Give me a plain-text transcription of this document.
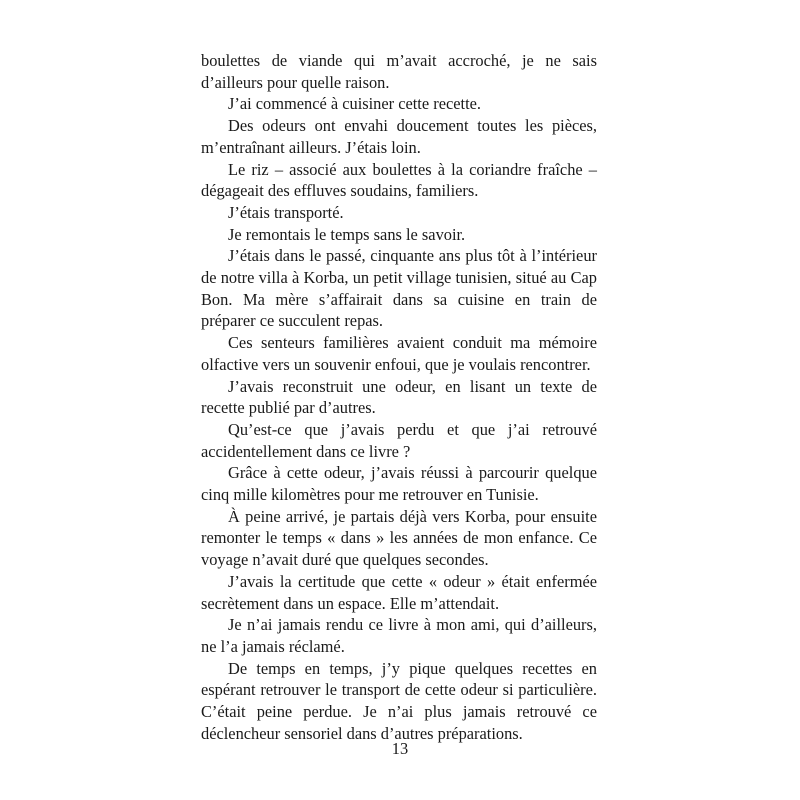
boulettes de viande qui m’avait accroché, je ne sais d’ailleurs pour quelle raison.

J’ai commencé à cuisiner cette recette.

Des odeurs ont envahi doucement toutes les pièces, m’entraînant ailleurs. J’étais loin.

Le riz – associé aux boulettes à la coriandre fraîche – dégageait des effluves soudains, familiers.

J’étais transporté.

Je remontais le temps sans le savoir.

J’étais dans le passé, cinquante ans plus tôt à l’intérieur de notre villa à Korba, un petit village tunisien, situé au Cap Bon. Ma mère s’affairait dans sa cuisine en train de préparer ce succulent repas.

Ces senteurs familières avaient conduit ma mémoire olfactive vers un souvenir enfoui, que je voulais rencontrer.

J’avais reconstruit une odeur, en lisant un texte de recette publié par d’autres.

Qu’est-ce que j’avais perdu et que j’ai retrouvé accidentellement dans ce livre ?

Grâce à cette odeur, j’avais réussi à parcourir quelque cinq mille kilomètres pour me retrouver en Tunisie.

À peine arrivé, je partais déjà vers Korba, pour ensuite remonter le temps « dans » les années de mon enfance. Ce voyage n’avait duré que quelques secondes.

J’avais la certitude que cette « odeur » était enfermée secrètement dans un espace. Elle m’attendait.

Je n’ai jamais rendu ce livre à mon ami, qui d’ailleurs, ne l’a jamais réclamé.

De temps en temps, j’y pique quelques recettes en espérant retrouver le transport de cette odeur si particulière. C’était peine perdue. Je n’ai plus jamais retrouvé ce déclencheur sensoriel dans d’autres préparations.

13
